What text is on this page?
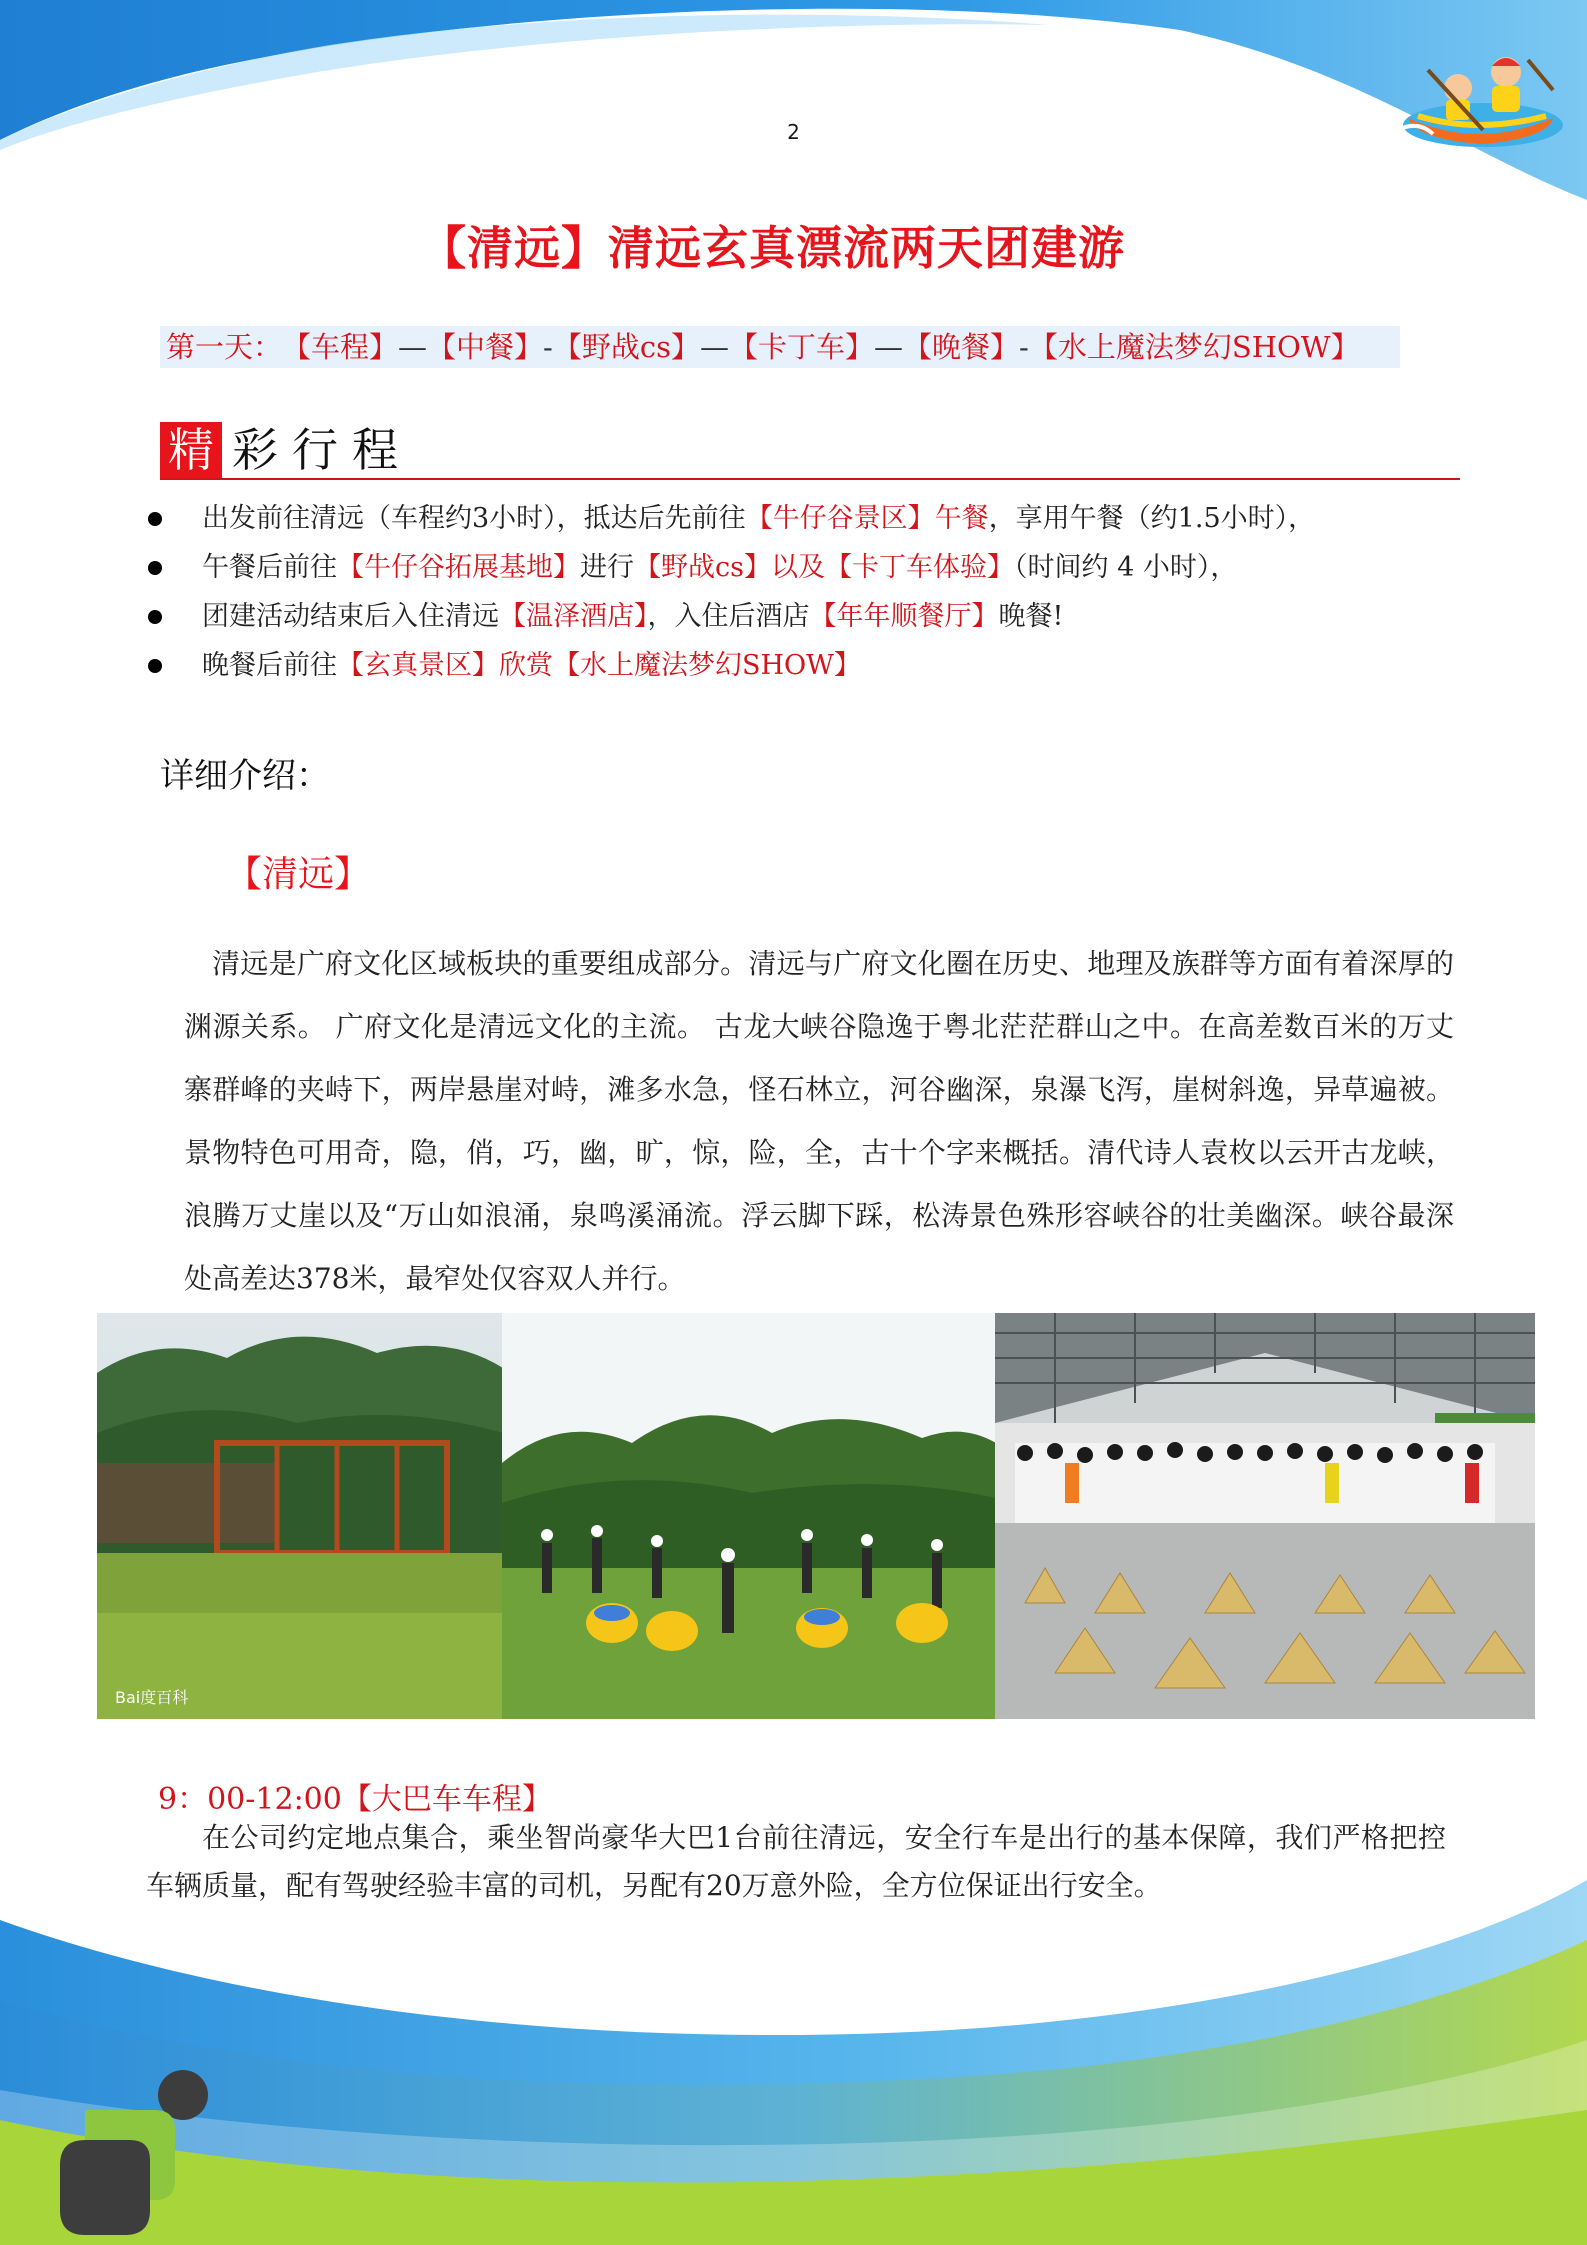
2
【清远】清远玄真漂流两天团建游
第一天：【车程】—【中餐】-【野战cs】—【卡丁车】—【晚餐】-【水上魔法梦幻SHOW】
精 彩行程
出发前往清远（车程约3小时），抵达后先前往【牛仔谷景区】午餐，享用午餐（约1.5小时），
午餐后前往【牛仔谷拓展基地】进行【野战cs】以及【卡丁车体验】（时间约 4 小时），
团建活动结束后入住清远【温泽酒店】，入住后酒店【年年顺餐厅】晚餐!
晚餐后前往【玄真景区】欣赏【水上魔法梦幻SHOW】
详细介绍：
【清远】
清远是广府文化区域板块的重要组成部分。清远与广府文化圈在历史、地理及族群等方面有着深厚的渊源关系。 广府文化是清远文化的主流。 古龙大峡谷隐逸于粤北茫茫群山之中。在高差数百米的万丈寨群峰的夹峙下，两岸悬崖对峙，滩多水急，怪石林立，河谷幽深，泉瀑飞泻，崖树斜逸，异草遍被。景物特色可用奇，隐，俏，巧，幽，旷，惊，险，全，古十个字来概括。清代诗人袁枚以云开古龙峡，浪腾万丈崖以及“万山如浪涌，泉鸣溪涌流。浮云脚下踩，松涛景色殊形容峡谷的壮美幽深。峡谷最深处高差达378米，最窄处仅容双人并行。
Bai度百科
9：00-12:00【大巴车车程】
在公司约定地点集合，乘坐智尚豪华大巴1台前往清远，安全行车是出行的基本保障，我们严格把控车辆质量，配有驾驶经验丰富的司机，另配有20万意外险，全方位保证出行安全。
